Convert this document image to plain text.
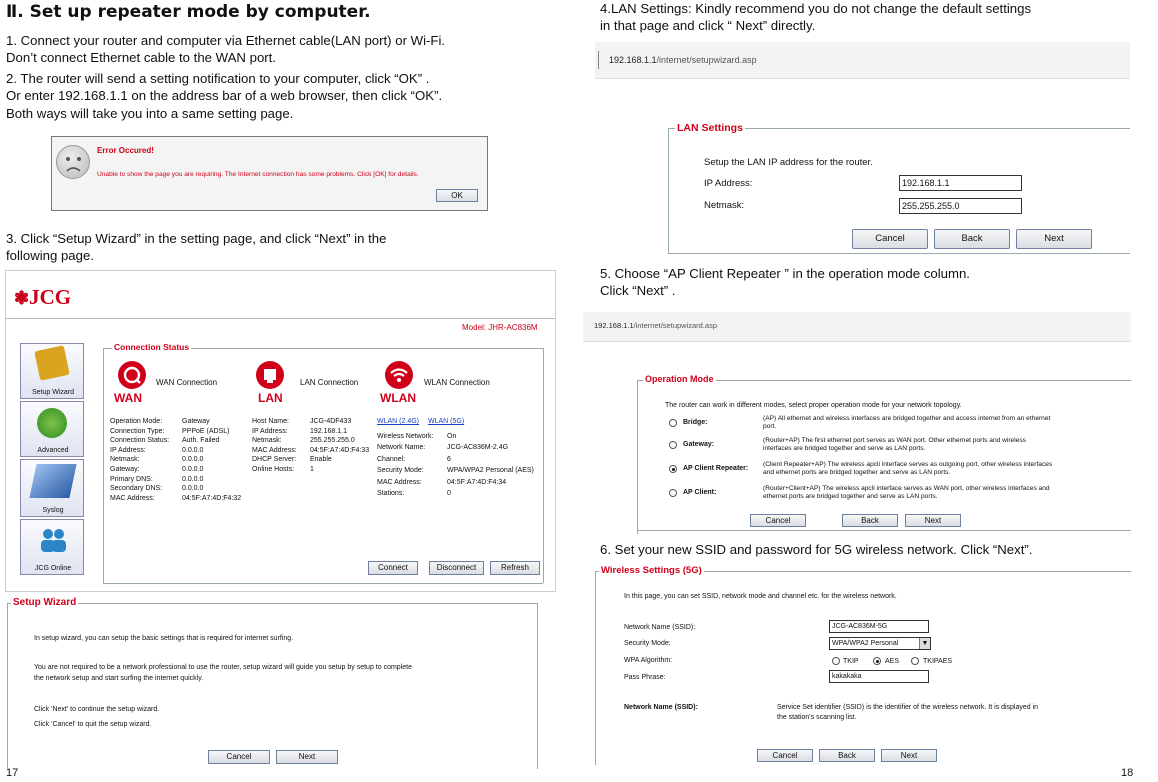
Ⅱ. Set up repeater mode by computer.
1. Connect your router and computer via Ethernet cable(LAN port) or Wi-Fi.
Don’t connect Ethernet cable to the WAN port.
2. The router will send a setting notification to your computer, click “OK” .
Or enter 192.168.1.1 on the address bar of a web browser, then click “OK”.
Both ways will take you into a same setting page.
Error Occured!
Unable to show the page you are requiring. The Internet connection has some problems. Click [OK] for details.
OK
3. Click “Setup Wizard” in the setting page, and click “Next” in the
following page.
❃JCG
Model: JHR-AC836M
Setup Wizard
Advanced
Syslog
JCG Online
Connection Status
WAN Connection
WAN
Operation Mode:	Gateway
Connection Type:	PPPoE (ADSL)
Connection Status: Auth. Failed
IP Address:	0.0.0.0
Netmask:	0.0.0.0
Gateway:	0.0.0.0
Primary DNS:	0.0.0.0
Secondary DNS:	0.0.0.0
MAC Address:	04:5F:A7:4D:F4:32
LAN Connection
LAN
Host Name:	JCG-4DF433
IP Address:	192.168.1.1
Netmask:	255.255.255.0
MAC Address: 04:5F:A7:4D:F4:33
DHCP Server: Enable
Online Hosts: 1
WLAN Connection
WLAN
WLAN (2.4G) WLAN (5G)
Wireless Network: On
Network Name:	JCG-AC836M-2.4G
Channel:	6
Security Mode:	WPA/WPA2 Personal (AES)
MAC Address:	04:5F:A7:4D:F4:34
Stations:	0
Connect	Disconnect	Refresh
Setup Wizard
In setup wizard, you can setup the basic settings that is required for internet surfing.
You are not required to be a network professional to use the router, setup wizard will guide you setup by setup to complete
the network setup and start surfing the internet quickly.
Click 'Next' to continue the setup wizard.
Click 'Cancel' to quit the setup wizard.
Cancel	Next
17
4.LAN Settings: Kindly recommend you do not change the default settings
in that page and click “ Next” directly.
192.168.1.1/internet/setupwizard.asp
LAN Settings
Setup the LAN IP address for the router.
IP Address:	192.168.1.1
Netmask:	255.255.255.0
Cancel	Back	Next
5. Choose “AP Client Repeater ” in the operation mode column.
Click “Next” .
192.168.1.1/internet/setupwizard.asp
Operation Mode
The router can work in different modes, select proper operation mode for your network topology.
Bridge:
(AP) All ethernet and wireless interfaces are bridged together and access internet from an ethernet
port.
Gateway:
(Router+AP) The first ethernet port serves as WAN port. Other ethernet ports and wireless
interfaces are bridged together and serve as LAN ports.
AP Client Repeater:
(Client Repeater+AP) The wireless apcli interface serves as outgoing port, other wireless interfaces
and ethernet ports are bridged together and serve as LAN ports.
AP Client:
(Router+Client+AP) The wireless apcli interface serves as WAN port, other wireless interfaces and
ethernet ports are bridged together and serve as LAN ports.
Cancel	Back	Next
6. Set your new SSID and password for 5G wireless network. Click “Next”.
Wireless Settings (5G)
In this page, you can set SSID, network mode and channel etc. for the wireless network.
Network Name (SSID):	JCG-AC836M-5G
Security Mode:	WPA/WPA2 Personal	▼
WPA Algorithm:	TKIP	AES	TKIPAES
Pass Phrase:	kakakaka
Network Name (SSID):	Service Set identifier (SSID) is the identifier of the wireless network. It is displayed in
the station's scanning list.
Cancel	Back	Next
18
